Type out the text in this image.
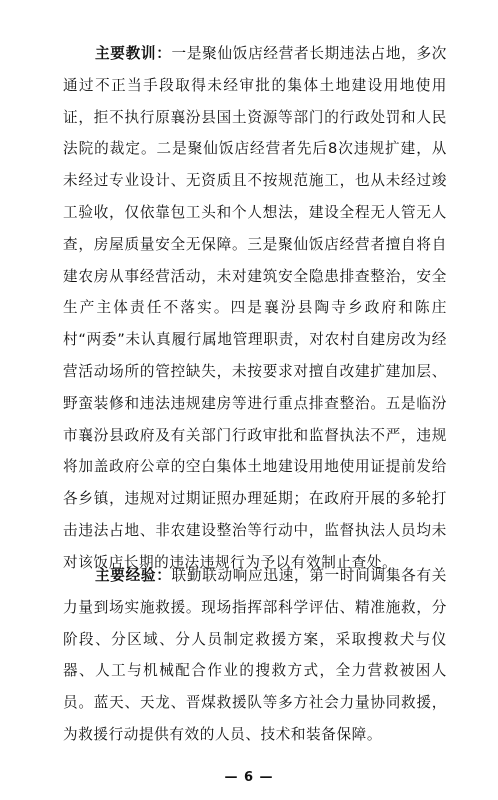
主要教训：一是聚仙饭店经营者长期违法占地，多次通过不正当手段取得未经审批的集体土地建设用地使用证，拒不执行原襄汾县国土资源等部门的行政处罚和人民法院的裁定。二是聚仙饭店经营者先后8次违规扩建，从未经过专业设计、无资质且不按规范施工，也从未经过竣工验收，仅依靠包工头和个人想法，建设全程无人管无人查，房屋质量安全无保障。三是聚仙饭店经营者擅自将自建农房从事经营活动，未对建筑安全隐患排查整治，安全生产主体责任不落实。四是襄汾县陶寺乡政府和陈庄村“两委”未认真履行属地管理职责，对农村自建房改为经营活动场所的管控缺失，未按要求对擅自改建扩建加层、野蛮装修和违法违规建房等进行重点排查整治。五是临汾市襄汾县政府及有关部门行政审批和监督执法不严，违规将加盖政府公章的空白集体土地建设用地使用证提前发给各乡镇，违规对过期证照办理延期；在政府开展的多轮打击违法占地、非农建设整治等行动中，监督执法人员均未对该饭店长期的违法违规行为予以有效制止查处。

主要经验：联勤联动响应迅速，第一时间调集各有关力量到场实施救援。现场指挥部科学评估、精准施救，分阶段、分区域、分人员制定救援方案，采取搜救犬与仪器、人工与机械配合作业的搜救方式，全力营救被困人员。蓝天、天龙、晋煤救援队等多方社会力量协同救援，为救援行动提供有效的人员、技术和装备保障。

— 6 —
